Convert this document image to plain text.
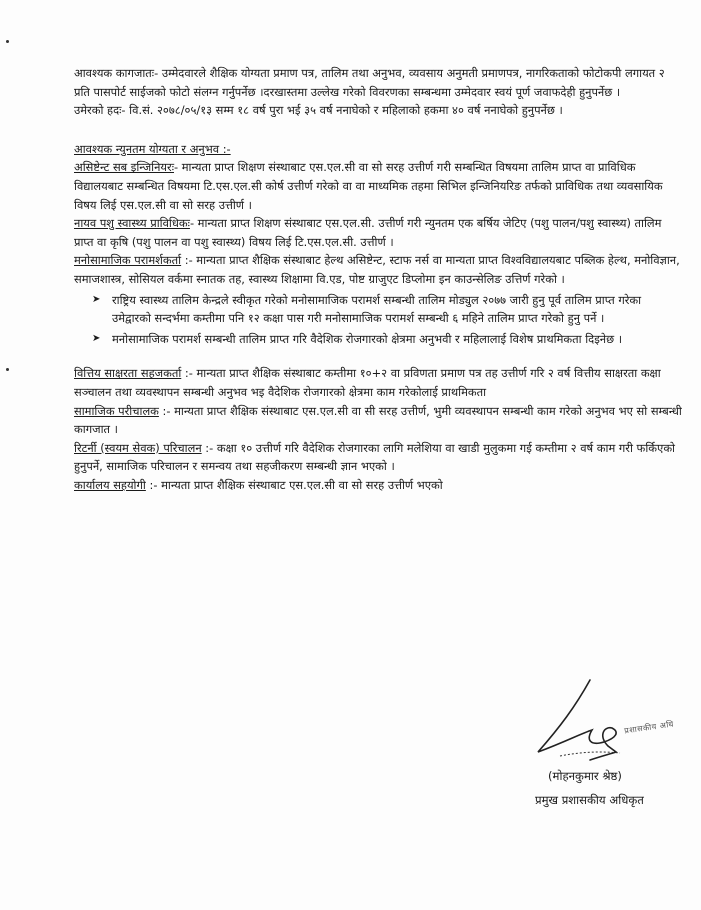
आवश्यक कागजातः- उम्मेदवारले शैक्षिक योग्यता प्रमाण पत्र, तालिम तथा अनुभव, व्यवसाय अनुमती प्रमाणपत्र, नागरिकताको फोटोकपी लगायत २ प्रति पासपोर्ट साईजको फोटो संलग्न गर्नुपर्नेछ ।दरखास्तमा उल्लेख गरेको विवरणका सम्बन्धमा उम्मेदवार स्वयं पूर्ण जवाफदेही हुनुपर्नेछ ।

उमेरको हदः- वि.सं. २०७८/०५/१३ सम्म १८ वर्ष पुरा भई ३५ वर्ष ननाघेको र महिलाको हकमा ४० वर्ष ननाघेको हुनुपर्नेछ ।

आवश्यक न्युनतम योग्यता र अनुभव :-

असिष्टेन्ट सब इन्जिनियरः- मान्यता प्राप्त शिक्षण संस्थाबाट एस.एल.सी वा सो सरह उत्तीर्ण गरी सम्बन्धित विषयमा तालिम प्राप्त वा प्राविधिक विद्यालयबाट सम्बन्धित विषयमा टि.एस.एल.सी कोर्ष उत्तीर्ण गरेको वा वा माध्यमिक तहमा सिभिल इन्जिनियरिङ तर्फको प्राविधिक तथा व्यवसायिक विषय लिई एस.एल.सी वा सो सरह उत्तीर्ण ।

नायव पशु स्वास्थ्य प्राविधिकः- मान्यता प्राप्त शिक्षण संस्थाबाट एस.एल.सी. उत्तीर्ण गरी न्युनतम एक बर्षिय जेटिए (पशु पालन/पशु स्वास्थ्य) तालिम प्राप्त वा कृषि (पशु पालन वा पशु स्वास्थ्य) विषय लिई टि.एस.एल.सी. उत्तीर्ण ।

मनोसामाजिक परामर्शकर्ता :- मान्यता प्राप्त शैक्षिक संस्थाबाट हेल्थ असिष्टेन्ट, स्टाफ नर्स वा मान्यता प्राप्त विश्वविद्यालयबाट पब्लिक हेल्थ, मनोविज्ञान, समाजशास्त्र, सोसियल वर्कमा स्नातक तह, स्वास्थ्य शिक्षामा वि.एड, पोष्ट ग्राजुएट डिप्लोमा इन काउन्सेलिङ उत्तिर्ण गरेको ।

➤ राष्ट्रिय स्वास्थ्य तालिम केन्द्रले स्वीकृत गरेको मनोसामाजिक परामर्श सम्बन्धी तालिम मोड्युल २०७७ जारी हुनु पूर्व तालिम प्राप्त गरेका उमेद्वारको सन्दर्भमा कम्तीमा पनि १२ कक्षा पास गरी मनोसामाजिक परामर्श सम्बन्धी ६ महिने तालिम प्राप्त गरेको हुनु पर्ने ।
➤ मनोसामाजिक परामर्श सम्बन्धी तालिम प्राप्त गरि वैदेशिक रोजगारको क्षेत्रमा अनुभवी र महिलालाई विशेष प्राथमिकता दिइनेछ ।

वित्तिय साक्षरता सहजकर्ता :- मान्यता प्राप्त शैक्षिक संस्थाबाट कम्तीमा १०+२ वा प्रविणता प्रमाण पत्र तह उत्तीर्ण गरि २ वर्ष वित्तीय साक्षरता कक्षा सञ्चालन तथा व्यवस्थापन सम्बन्धी अनुभव भइ वैदेशिक रोजगारको क्षेत्रमा काम गरेकोलाई प्राथमिकता

सामाजिक परीचालक :- मान्यता प्राप्त शैक्षिक संस्थाबाट एस.एल.सी वा सी सरह उत्तीर्ण, भुमी व्यवस्थापन सम्बन्धी काम गरेको अनुभव भए सो सम्बन्धी कागजात ।

रिटर्नी (स्वयम सेवक) परिचालन :- कक्षा १० उत्तीर्ण गरि वैदेशिक रोजगारका लागि मलेशिया वा खाडी मुलुकमा गई कम्तीमा २ वर्ष काम गरी फर्किएको हुनुपर्ने, सामाजिक परिचालन र समन्वय तथा सहजीकरण सम्बन्धी ज्ञान भएको ।

कार्यालय सहयोगी :- मान्यता प्राप्त शैक्षिक संस्थाबाट एस.एल.सी वा सो सरह उत्तीर्ण भएको

प्रशासकीय अधि
(मोहनकुमार श्रेष्ठ)
प्रमुख प्रशासकीय अधिकृत
